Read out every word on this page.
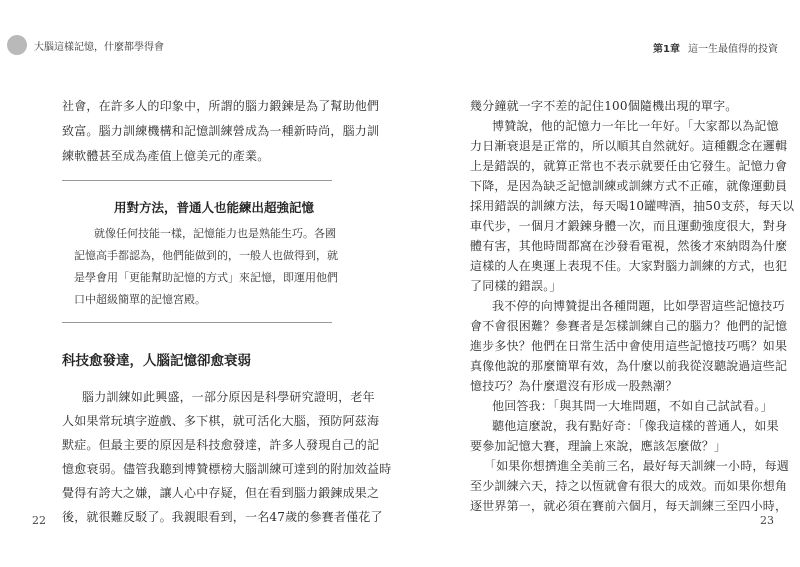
大腦這樣記憶，什麼都學得會	第1章 這一生最值得的投資
社會，在許多人的印象中，所謂的腦力鍛鍊是為了幫助他們
致富。腦力訓練機構和記憶訓練營成為一種新時尚，腦力訓
練軟體甚至成為產值上億美元的產業。
用對方法，普通人也能練出超強記憶
就像任何技能一樣，記憶能力也是熟能生巧。各國
記憶高手都認為，他們能做到的，一般人也做得到，就
是學會用「更能幫助記憶的方式」來記憶，即運用他們
口中超級簡單的記憶宮殿。
科技愈發達，人腦記憶卻愈衰弱
腦力訓練如此興盛，一部分原因是科學研究證明，老年
人如果常玩填字遊戲、多下棋，就可活化大腦，預防阿茲海
默症。但最主要的原因是科技愈發達，許多人發現自己的記
憶愈衰弱。儘管我聽到博贊標榜大腦訓練可達到的附加效益時
覺得有誇大之嫌，讓人心中存疑，但在看到腦力鍛鍊成果之
後，就很難反駁了。我親眼看到，一名47歲的參賽者僅花了
22
幾分鐘就一字不差的記住100個隨機出現的單字。
博贊說，他的記憶力一年比一年好。「大家都以為記憶
力日漸衰退是正常的，所以順其自然就好。這種觀念在邏輯
上是錯誤的，就算正常也不表示就要任由它發生。記憶力會
下降，是因為缺乏記憶訓練或訓練方式不正確，就像運動員
採用錯誤的訓練方法，每天喝10罐啤酒，抽50支菸，每天以
車代步，一個月才鍛鍊身體一次，而且運動強度很大，對身
體有害，其他時間都窩在沙發看電視，然後才來納悶為什麼
這樣的人在奧運上表現不佳。大家對腦力訓練的方式，也犯
了同樣的錯誤。」
我不停的向博贊提出各種問題，比如學習這些記憶技巧
會不會很困難？參賽者是怎樣訓練自己的腦力？他們的記憶
進步多快？他們在日常生活中會使用這些記憶技巧嗎？如果
真像他說的那麼簡單有效，為什麼以前我從沒聽說過這些記
憶技巧？為什麼還沒有形成一股熱潮？
他回答我：「與其問一大堆問題，不如自己試試看。」
聽他這麼說，我有點好奇：「像我這樣的普通人，如果
要參加記憶大賽，理論上來說，應該怎麼做？」
「如果你想擠進全美前三名，最好每天訓練一小時，每週
至少訓練六天，持之以恆就會有很大的成效。而如果你想角
逐世界第一，就必須在賽前六個月，每天訓練三至四小時，
23
